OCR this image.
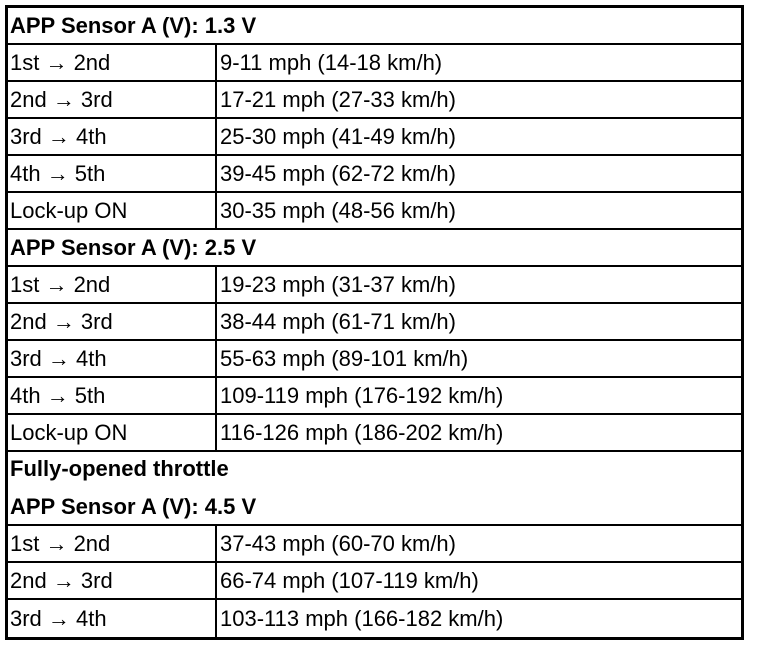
APP Sensor A (V): 1.3 V
1st → 2nd	9-11 mph (14-18 km/h)
2nd → 3rd	17-21 mph (27-33 km/h)
3rd → 4th	25-30 mph (41-49 km/h)
4th → 5th	39-45 mph (62-72 km/h)
Lock-up ON	30-35 mph (48-56 km/h)
APP Sensor A (V): 2.5 V
1st → 2nd	19-23 mph (31-37 km/h)
2nd → 3rd	38-44 mph (61-71 km/h)
3rd → 4th	55-63 mph (89-101 km/h)
4th → 5th	109-119 mph (176-192 km/h)
Lock-up ON	116-126 mph (186-202 km/h)
Fully-opened throttle
APP Sensor A (V): 4.5 V
1st → 2nd	37-43 mph (60-70 km/h)
2nd → 3rd	66-74 mph (107-119 km/h)
3rd → 4th	103-113 mph (166-182 km/h)
